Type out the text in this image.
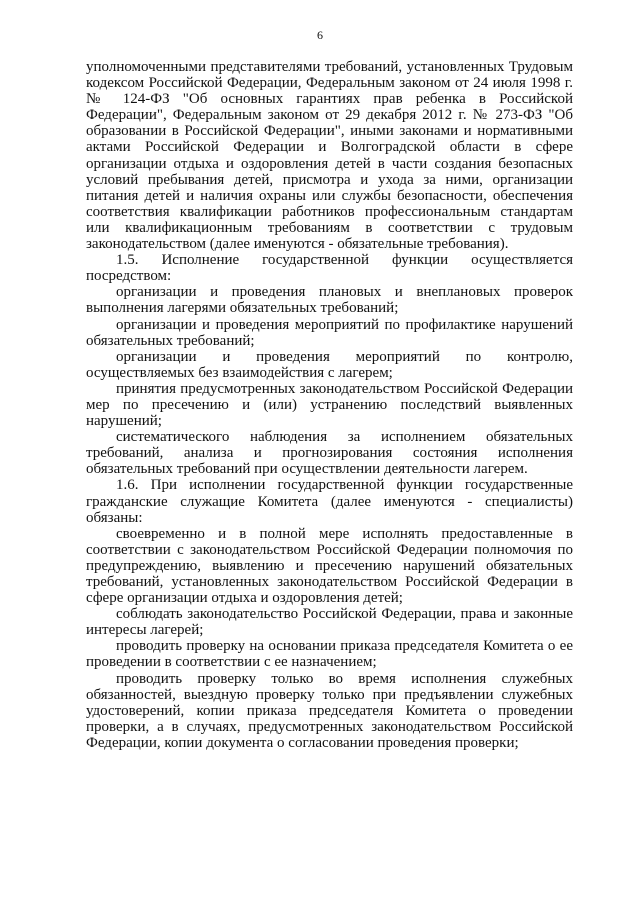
6

уполномоченными представителями требований, установленных Трудовым кодексом Российской Федерации, Федеральным законом от 24 июля 1998 г. № 124-ФЗ "Об основных гарантиях прав ребенка в Российской Федерации", Федеральным законом от 29 декабря 2012 г. № 273-ФЗ "Об образовании в Российской Федерации", иными законами и нормативными актами Российской Федерации и Волгоградской области в сфере организации отдыха и оздоровления детей в части создания безопасных условий пребывания детей, присмотра и ухода за ними, организации питания детей и наличия охраны или службы безопасности, обеспечения соответствия квалификации работников профессиональным стандартам или квалификационным требованиям в соответствии с трудовым законодательством (далее именуются - обязательные требования).

1.5. Исполнение государственной функции осуществляется посредством:

организации и проведения плановых и внеплановых проверок выполнения лагерями обязательных требований;

организации и проведения мероприятий по профилактике нарушений обязательных требований;

организации и проведения мероприятий по контролю, осуществляемых без взаимодействия с лагерем;

принятия предусмотренных законодательством Российской Федерации мер по пресечению и (или) устранению последствий выявленных нарушений;

систематического наблюдения за исполнением обязательных требований, анализа и прогнозирования состояния исполнения обязательных требований при осуществлении деятельности лагерем.

1.6. При исполнении государственной функции государственные гражданские служащие Комитета (далее именуются - специалисты) обязаны:

своевременно и в полной мере исполнять предоставленные в соответствии с законодательством Российской Федерации полномочия по предупреждению, выявлению и пресечению нарушений обязательных требований, установленных законодательством Российской Федерации в сфере организации отдыха и оздоровления детей;

соблюдать законодательство Российской Федерации, права и законные интересы лагерей;

проводить проверку на основании приказа председателя Комитета о ее проведении в соответствии с ее назначением;

проводить проверку только во время исполнения служебных обязанностей, выездную проверку только при предъявлении служебных удостоверений, копии приказа председателя Комитета о проведении проверки, а в случаях, предусмотренных законодательством Российской Федерации, копии документа о согласовании проведения проверки;
